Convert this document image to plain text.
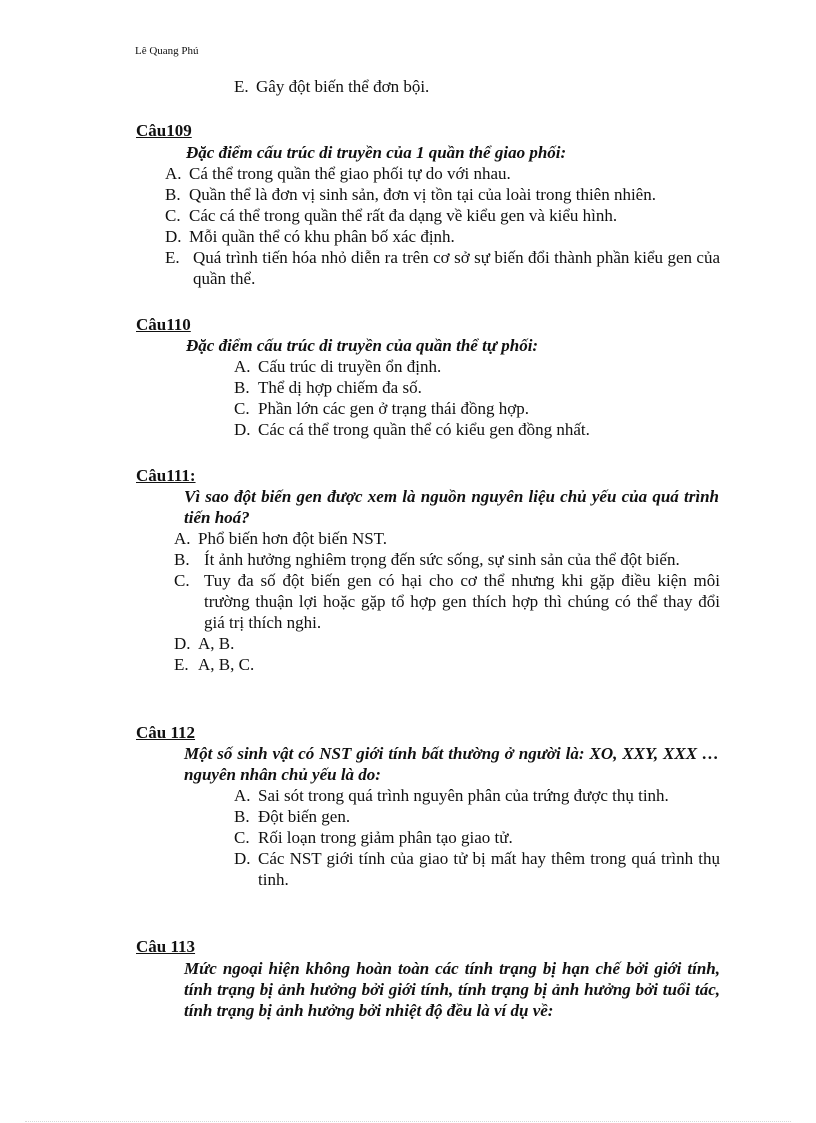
Lê Quang Phú
E. Gây đột biến thể đơn bội.
Câu109
Đặc điểm cấu trúc di truyền của 1 quần thể giao phối:
A. Cá thể trong quần thể giao phối tự do với nhau.
B. Quần thể là đơn vị sinh sản, đơn vị tồn tại của loài trong thiên nhiên.
C. Các cá thể trong quần thể rất đa dạng về kiểu gen và kiểu hình.
D. Mỗi quần thể có khu phân bố xác định.
E. Quá trình tiến hóa nhỏ diễn ra trên cơ sở sự biến đổi thành phần kiểu gen của quần thể.
Câu110
Đặc điểm cấu trúc di truyền của quần thể tự phối:
A. Cấu trúc di truyền ổn định.
B. Thể dị hợp chiếm đa số.
C. Phần lớn các gen ở trạng thái đồng hợp.
D. Các cá thể trong quần thể có kiểu gen đồng nhất.
Câu111:
Vì sao đột biến gen được xem là nguồn nguyên liệu chủ yếu của quá trình tiến hoá?
A. Phổ biến hơn đột biến NST.
B. Ít ảnh hưởng nghiêm trọng đến sức sống, sự sinh sản của thể đột biến.
C. Tuy đa số đột biến gen có hại cho cơ thể nhưng khi gặp điều kiện môi trường thuận lợi hoặc gặp tổ hợp gen thích hợp thì chúng có thể thay đổi giá trị thích nghi.
D. A, B.
E. A, B, C.
Câu 112
Một số sinh vật có NST giới tính bất thường ở người là: XO, XXY, XXX …nguyên nhân chủ yếu là do:
A. Sai sót trong quá trình nguyên phân của trứng được thụ tinh.
B. Đột biến gen.
C. Rối loạn trong giảm phân tạo giao tử.
D. Các NST giới tính của giao tử bị mất hay thêm trong quá trình thụ tinh.
Câu 113
Mức ngoại hiện không hoàn toàn các tính trạng bị hạn chế bởi giới tính, tính trạng bị ảnh hưởng bởi giới tính, tính trạng bị ảnh hưởng bởi tuổi tác, tính trạng bị ảnh hưởng bởi nhiệt độ đều là ví dụ về:
